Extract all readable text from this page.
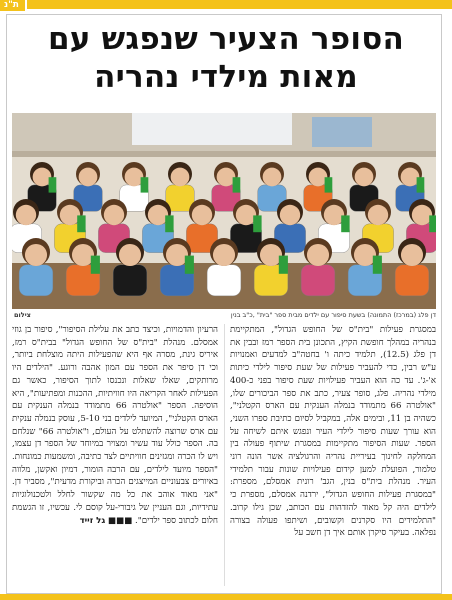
ת"נ
הסופר הצעיר שנפגש עם
מאות מילדי נהריה
דן פלג (במרכז) התמונה) בשעת סיפור עם ילדים מבית ספר "בית" ,כ"ב בנין
צילום

במסגרת פעילות "בית"ס של החופש הגדול", המתקיימת בנהריה במהלך חופשת הקיץ, התכונן בית הספר רמז ובבין את דן פלג (12.5), תלמיד כיתה ו' בחטה"ב למדעים ואמנויות ע"ש רבין, כדי להעביר פעילות של שעת סיפור לילדי כיתות א'-ג'. עד כה הוא העביר פעילויות שעת סיפור בפני כ-400 מילדי נהריה. פלג, סופר צעיר, כתב את ספר הביכורים שלו, "אולטרה 66 מתמודד בנמלה הענקית עם הארס הקטלני", כשהיה בן 11, ובימים אלה, במקביל לסיום כתיבת ספרו השני, הוא עורך שעות סיפור לילדי העיר ונפגש איתם לשיחה על הספר. שעות הסיפור מתקיימות במסגרת שיתוף פעולה בין המחלקה לחינוך בעיריית נהריה והרגולציה אשר הונה רוני טלמור, הפועלת למען קידום פעילויות שונות עבור תלמידי העיר. מנהלת בית"ס בנין, הגב' רונית אמסלם, מספרת: "במסגרת פעילות החופש הגדול", ירדנה אמסלם, מספרת כי לילדים היה קל מאוד להזדהות עם הכותב, שכן גילו קרוב. "התלמידים היו סקרנים וקשובים, ושיתפו פעולה בצורה נפלאה. בעיקר סיקרן אותם איך דן חשב על

הרעיון והדמויות, וכיצד כתב את עלילת הסיפור", סיפור בן גוזי אמסלם. מנהלת "בית"ס של החופש הגדול" בבית"ס רמז, איריס גינת, מסרה אף היא שהפעילות היתה מוצלחת ביותר, וכי דן סיפר את הספר עם המון אהבה ורוגע. "הילדים היו מרותקים, שאלו שאלות ונכנסו לתוך הסיפור, כאשר גם הפעילות לאחר הקריאה היו חוויתיות, ההכנות ומפתיעות", היא הוסיפה. הספר "אולטרה 66 מתמודד בנמלה הענקית עם הארס הקטלני", המיועד לילדים בני 5-10, עוסק בנמלה ענקית עם ארס שרוצה להשתלט על העולם, ו"אולטרה 66" שנלחם בה. הספר כולל עוד עשיר ומצויר במיוחד של הספר דן עצמו, ויש לו הכרה ומגזינים חוויתיים לצד כתיבה, ומשמעות כמונחות. "הספר מיועד לילדים, עם הרבה הומור, דמיון ואקשן, מלווה באיורים צבעוניים המייצגים הכרה וביקורת מדעית", מסביר דן. "אני מאוד אוהב את כל מה שקשור לחלל ולטכנולוגיות עתידיות, וגם העניין של גיבורי-על קוסם לי. עכשיו, זו הגשמת חלום לכתוב ספר ילדים". ■■■ גל זייד
